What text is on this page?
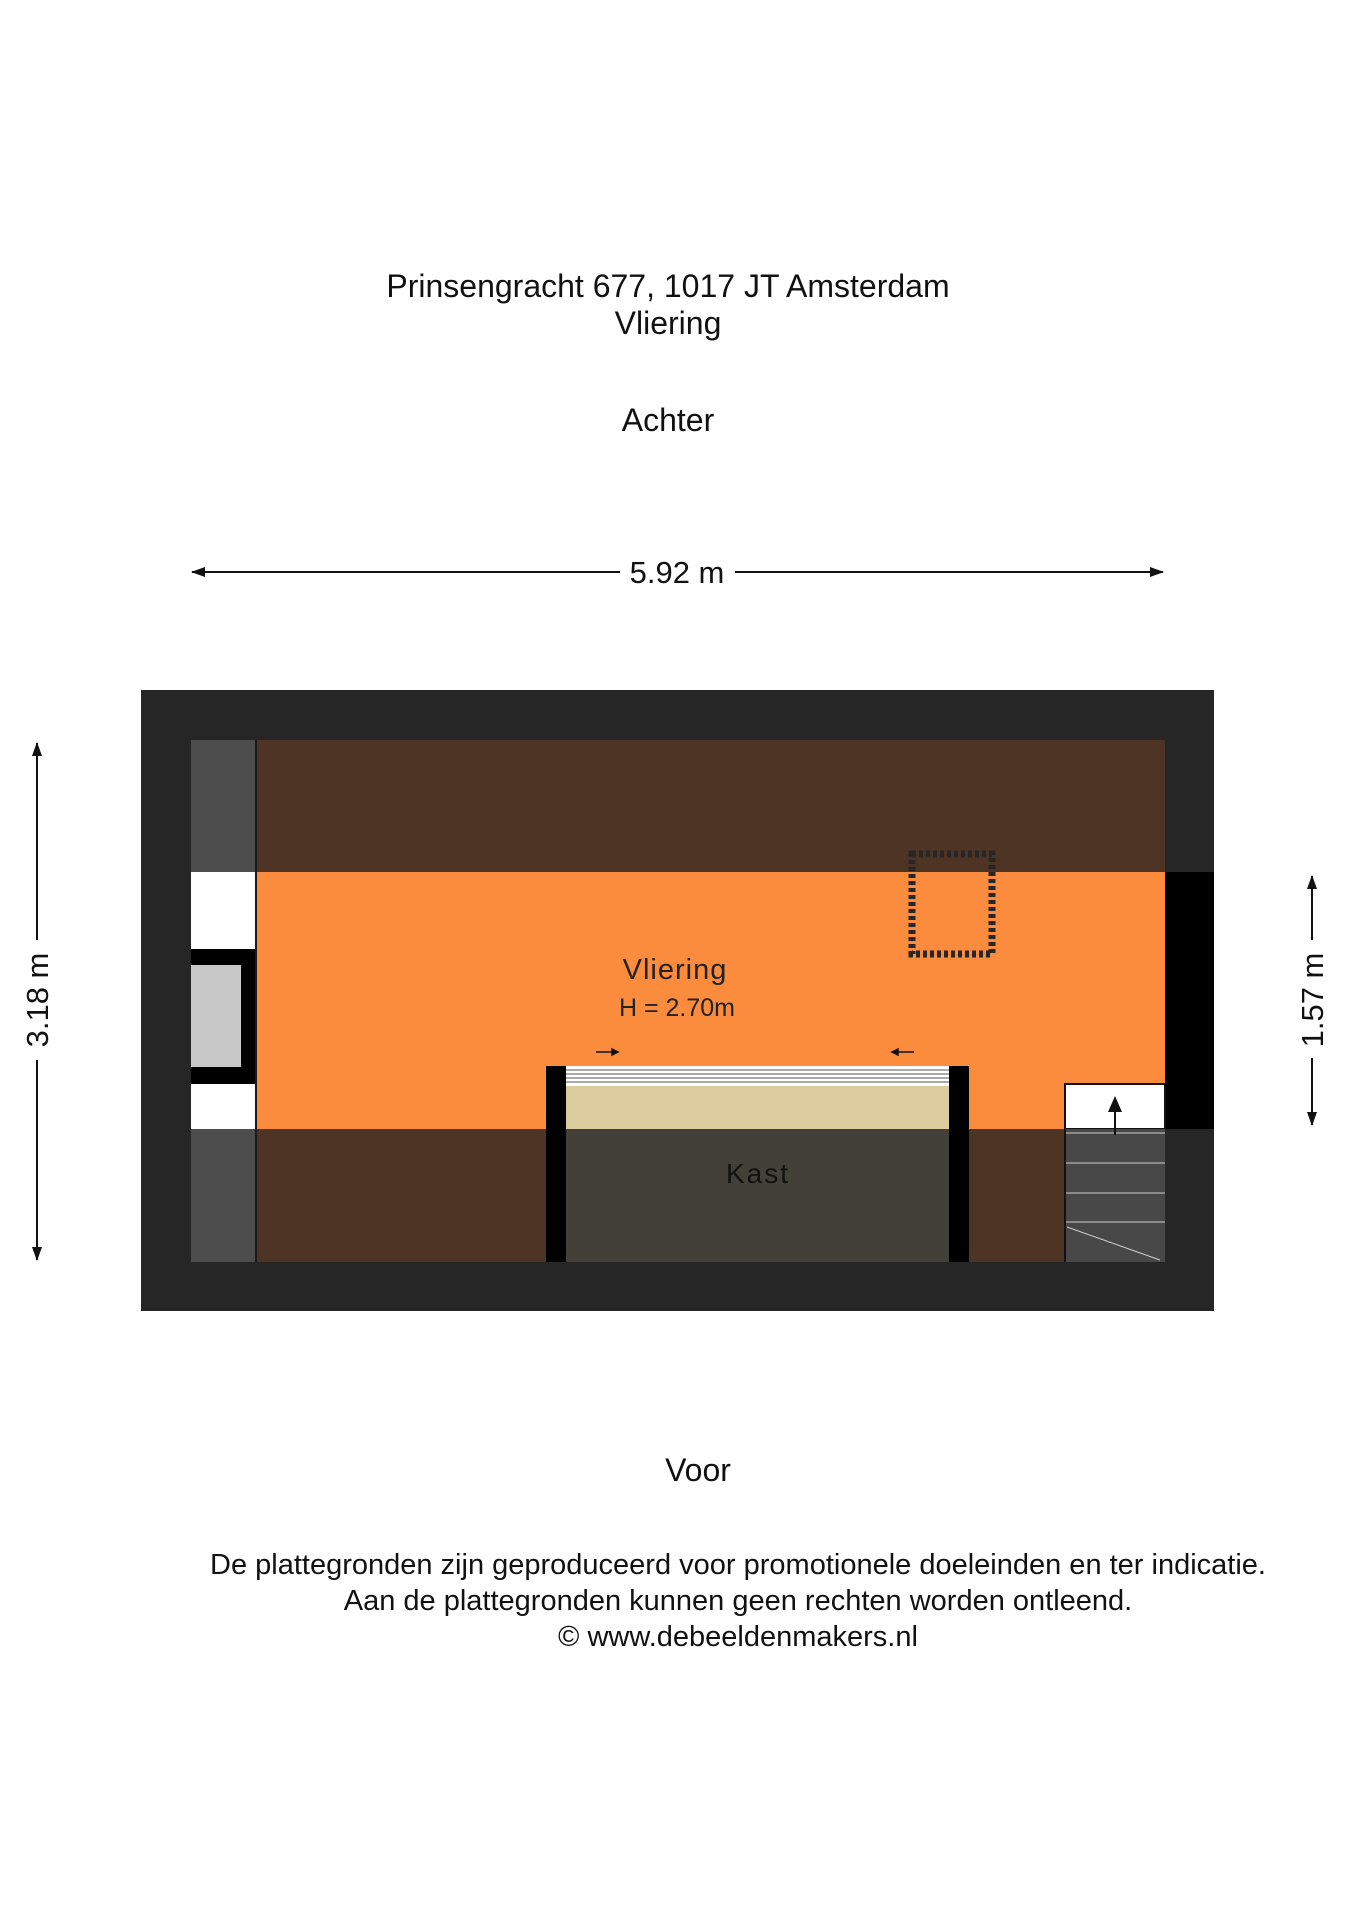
Prinsengracht 677, 1017 JT Amsterdam
Vliering
Achter
5.92 m
3.18 m	1.57 m
Vliering
H = 2.70m
Kast
Voor
De plattegronden zijn geproduceerd voor promotionele doeleinden en ter indicatie.
Aan de plattegronden kunnen geen rechten worden ontleend.
© www.debeeldenmakers.nl
